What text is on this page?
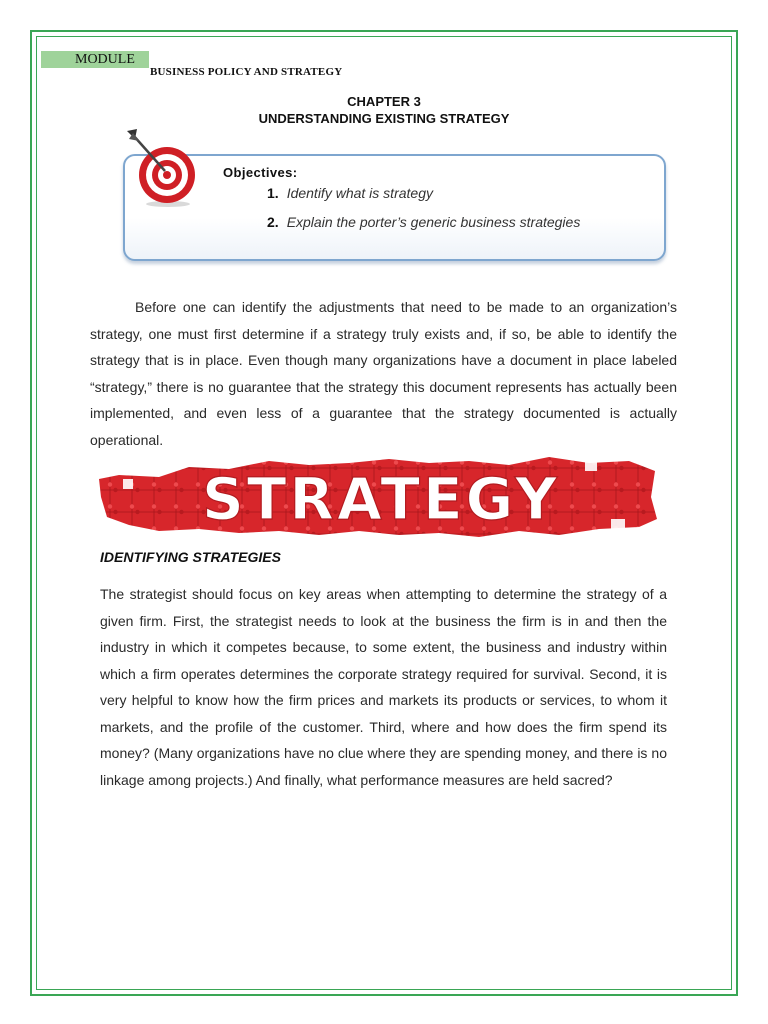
MODULE
BUSINESS POLICY AND STRATEGY
CHAPTER 3
UNDERSTANDING EXISTING STRATEGY
Objectives:
1. Identify what is strategy
2. Explain the porter’s generic business strategies
Before one can identify the adjustments that need to be made to an organization’s strategy, one must first determine if a strategy truly exists and, if so, be able to identify the strategy that is in place. Even though many organizations have a document in place labeled “strategy,” there is no guarantee that the strategy this document represents has actually been implemented, and even less of a guarantee that the strategy documented is actually operational.
STRATEGY
IDENTIFYING STRATEGIES
The strategist should focus on key areas when attempting to determine the strategy of a given firm. First, the strategist needs to look at the business the firm is in and then the industry in which it competes because, to some extent, the business and industry within which a firm operates determines the corporate strategy required for survival. Second, it is very helpful to know how the firm prices and markets its products or services, to whom it markets, and the profile of the customer. Third, where and how does the firm spend its money? (Many organizations have no clue where they are spending money, and there is no linkage among projects.) And finally, what performance measures are held sacred?
